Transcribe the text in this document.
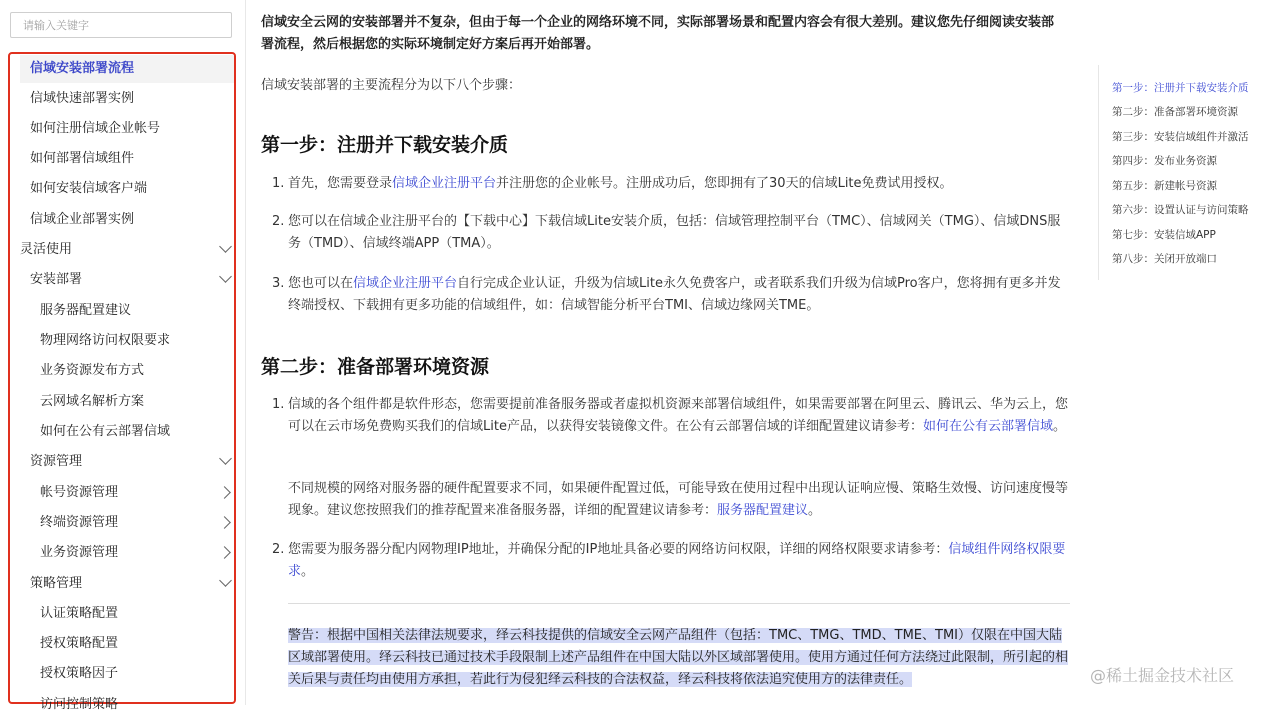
请输入关键字
信域安装部署流程
信域快速部署实例
如何注册信域企业帐号
如何部署信域组件
如何安装信域客户端
信域企业部署实例
灵活使用
安装部署
服务器配置建议
物理网络访问权限要求
业务资源发布方式
云网域名解析方案
如何在公有云部署信域
资源管理
帐号资源管理
终端资源管理
业务资源管理
策略管理
认证策略配置
授权策略配置
授权策略因子
访问控制策略
信域安全云网的安装部署并不复杂，但由于每一个企业的网络环境不同，实际部署场景和配置内容会有很大差别。建议您先仔细阅读安装部署流程，然后根据您的实际环境制定好方案后再开始部署。
信域安装部署的主要流程分为以下八个步骤：
第一步：注册并下载安装介质
1. 首先，您需要登录信域企业注册平台并注册您的企业帐号。注册成功后，您即拥有了30天的信域Lite免费试用授权。
2. 您可以在信域企业注册平台的【下载中心】下载信域Lite安装介质，包括：信域管理控制平台（TMC）、信域网关（TMG）、信域DNS服务（TMD）、信域终端APP（TMA）。
3. 您也可以在信域企业注册平台自行完成企业认证，升级为信域Lite永久免费客户，或者联系我们升级为信域Pro客户，您将拥有更多并发终端授权、下载拥有更多功能的信域组件，如：信域智能分析平台TMI、信域边缘网关TME。
第二步：准备部署环境资源
1. 信域的各个组件都是软件形态，您需要提前准备服务器或者虚拟机资源来部署信域组件，如果需要部署在阿里云、腾讯云、华为云上，您可以在云市场免费购买我们的信域Lite产品，以获得安装镜像文件。在公有云部署信域的详细配置建议请参考：如何在公有云部署信域。
不同规模的网络对服务器的硬件配置要求不同，如果硬件配置过低，可能导致在使用过程中出现认证响应慢、策略生效慢、访问速度慢等现象。建议您按照我们的推荐配置来准备服务器，详细的配置建议请参考：服务器配置建议。
2. 您需要为服务器分配内网物理IP地址，并确保分配的IP地址具备必要的网络访问权限，详细的网络权限要求请参考：信域组件网络权限要求。
警告：根据中国相关法律法规要求，绎云科技提供的信域安全云网产品组件（包括：TMC、TMG、TMD、TME、TMI）仅限在中国大陆区域部署使用。绎云科技已通过技术手段限制上述产品组件在中国大陆以外区域部署使用。使用方通过任何方法绕过此限制，所引起的相关后果与责任均由使用方承担，若此行为侵犯绎云科技的合法权益，绎云科技将依法追究使用方的法律责任。
第一步：注册并下载安装介质
第二步：准备部署环境资源
第三步：安装信域组件并激活
第四步：发布业务资源
第五步：新建帐号资源
第六步：设置认证与访问策略
第七步：安装信域APP
第八步：关闭开放端口
@稀土掘金技术社区
